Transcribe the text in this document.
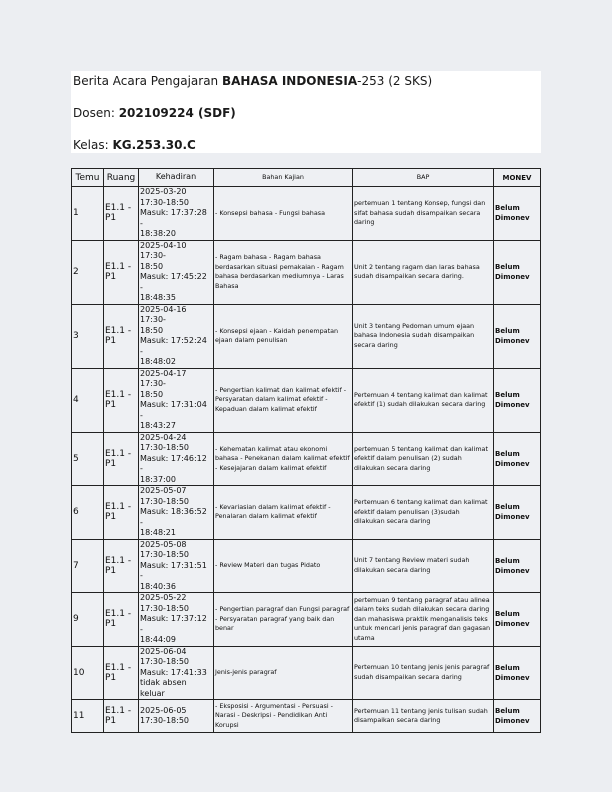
Berita Acara Pengajaran BAHASA INDONESIA-253 (2 SKS)
Dosen: 202109224 (SDF)
Kelas: KG.253.30.C
Temu	Ruang	Kehadiran	Bahan Kajian	BAP	MONEV
1	E1.1 - P1	2025-03-20
17:30-18:50
Masuk: 17:37:28 -
18:38:20	- Konsepsi bahasa - Fungsi bahasa	pertemuan 1 tentang Konsep, fungsi dan sifat bahasa sudah disampaikan secara daring	Belum
Dimonev

2	E1.1 - P1	2025-04-10 17:30-
18:50
Masuk: 17:45:22 -
18:48:35	- Ragam bahasa - Ragam bahasa berdasarkan situasi pemakaian - Ragam bahasa berdasarkan mediumnya - Laras Bahasa	Unit 2 tentang ragam dan laras bahasa sudah disampaikan secara daring.	Belum
Dimonev

3	E1.1 - P1	2025-04-16 17:30-
18:50
Masuk: 17:52:24 -
18:48:02	- Konsepsi ejaan - Kaidah penempatan ejaan dalam penulisan	Unit 3 tentang Pedoman umum ejaan bahasa Indonesia sudah disampaikan secara daring	Belum
Dimonev

4	E1.1 - P1	2025-04-17 17:30-
18:50
Masuk: 17:31:04 -
18:43:27	- Pengertian kalimat dan kalimat efektif - Persyaratan dalam kalimat efektif - Kepaduan dalam kalimat efektif	Pertemuan 4 tentang kalimat dan kalimat efektif (1) sudah dilakukan secara daring	Belum
Dimonev

5	E1.1 - P1	2025-04-24
17:30-18:50
Masuk: 17:46:12 -
18:37:00	- Kehematan kalimat atau ekonomi bahasa - Penekanan dalam kalimat efektif - Kesejajaran dalam kalimat efektif	pertemuan 5 tentang kalimat dan kalimat efektif dalam penulisan (2) sudah dilakukan secara daring	Belum
Dimonev

6	E1.1 - P1	2025-05-07
17:30-18:50
Masuk: 18:36:52 -
18:48:21	- Kevariasian dalam kalimat efektif - Penalaran dalam kalimat efektif	Pertemuan 6 tentang kalimat dan kalimat efektif dalam penulisan (3)sudah dilakukan secara daring	Belum
Dimonev

7	E1.1 - P1	2025-05-08
17:30-18:50
Masuk: 17:31:51 -
18:40:36	- Review Materi dan tugas Pidato	Unit 7 tentang Review materi sudah dilakukan secara daring	Belum
Dimonev

9	E1.1 - P1	2025-05-22
17:30-18:50
Masuk: 17:37:12 -
18:44:09	- Pengertian paragraf dan Fungsi paragraf - Persyaratan paragraf yang baik dan benar	pertemuan 9 tentang paragraf atau alinea dalam teks sudah dilakukan secara daring dan mahasiswa praktik menganalisis teks untuk mencari jenis paragraf dan gagasan utama	Belum
Dimonev

10	E1.1 - P1	2025-06-04
17:30-18:50
Masuk: 17:41:33
tidak absen
keluar	Jenis-jenis paragraf	Pertemuan 10 tentang jenis jenis paragraf sudah disampaikan secara daring	Belum
Dimonev

11	E1.1 - P1	2025-06-05
17:30-18:50	- Eksposisi - Argumentasi - Persuasi - Narasi - Deskripsi - Pendidikan Anti Korupsi	Pertemuan 11 tentang jenis tulisan sudah disampaikan secara daring	Belum
Dimonev
